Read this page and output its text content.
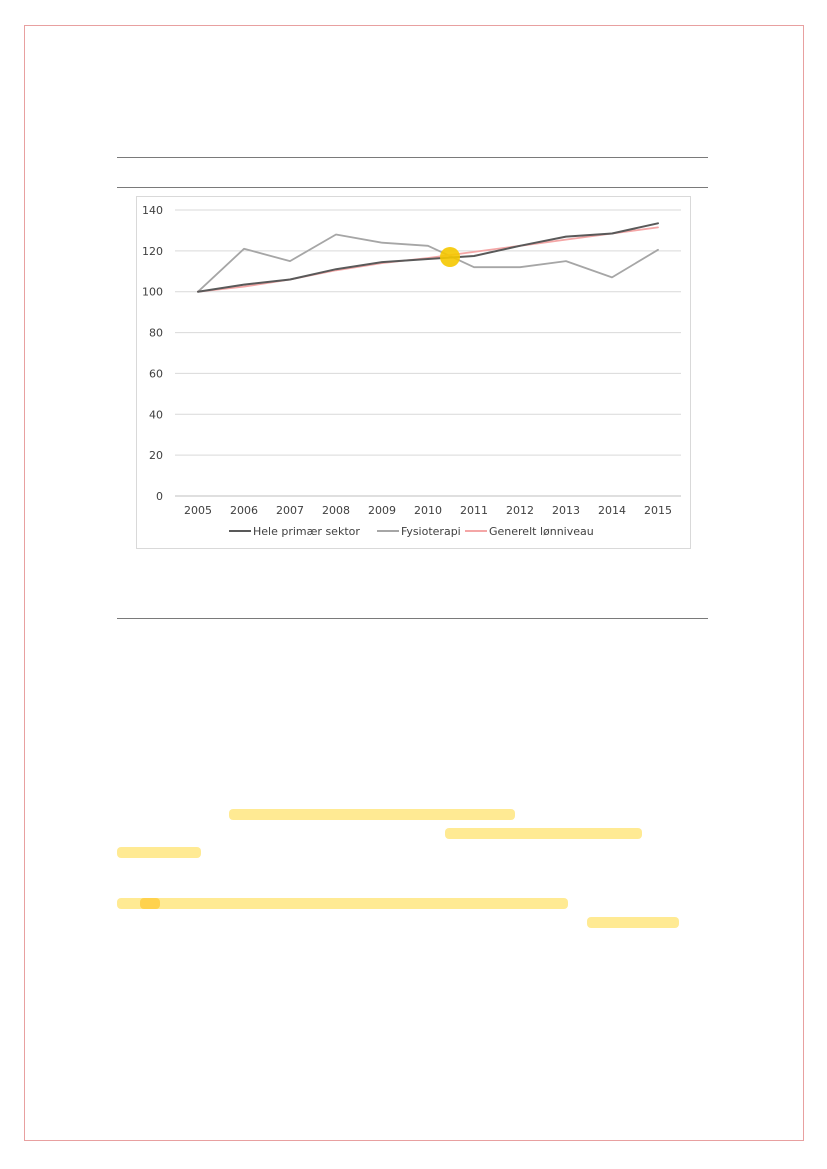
0
20
40
60
80
100
120
140
2005 2006 2007 2008 2009 2010 2011 2012 2013 2014 2015
Hele primær sektor	Fysioterapi	Generelt lønniveau
